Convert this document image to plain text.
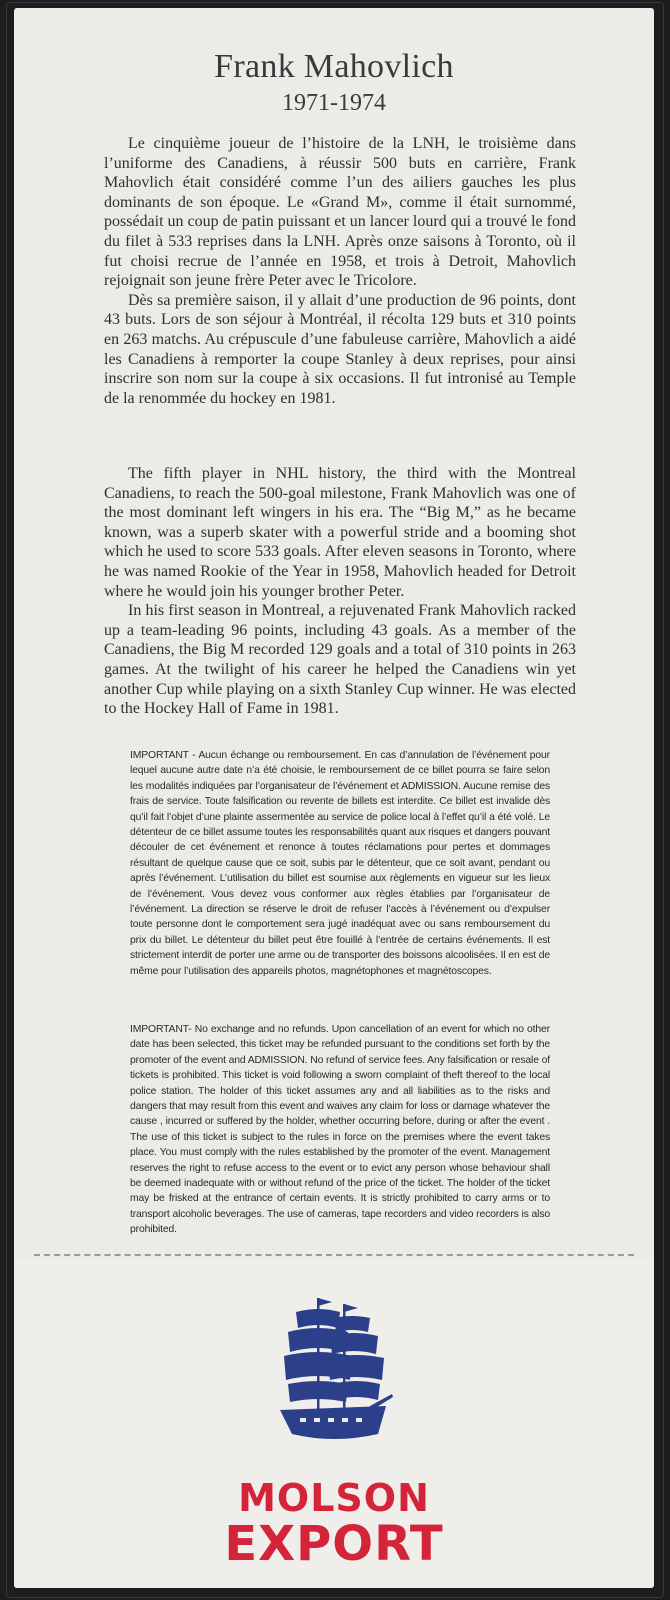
Frank Mahovlich
1971-1974

Le cinquième joueur de l’histoire de la LNH, le troisième dans l’uniforme des Canadiens, à réussir 500 buts en carrière, Frank Mahovlich était considéré comme l’un des ailiers gauches les plus dominants de son époque. Le «Grand M», comme il était surnommé, possédait un coup de patin puissant et un lancer lourd qui a trouvé le fond du filet à 533 reprises dans la LNH. Après onze saisons à Toronto, où il fut choisi recrue de l’année en 1958, et trois à Detroit, Mahovlich rejoignait son jeune frère Peter avec le Tricolore.

Dès sa première saison, il y allait d’une production de 96 points, dont 43 buts. Lors de son séjour à Montréal, il récolta 129 buts et 310 points en 263 matchs. Au crépuscule d’une fabuleuse carrière, Mahovlich a aidé les Canadiens à remporter la coupe Stanley à deux reprises, pour ainsi inscrire son nom sur la coupe à six occasions. Il fut intronisé au Temple de la renommée du hockey en 1981.

The fifth player in NHL history, the third with the Montreal Canadiens, to reach the 500-goal milestone, Frank Mahovlich was one of the most dominant left wingers in his era. The “Big M,” as he became known, was a superb skater with a powerful stride and a booming shot which he used to score 533 goals. After eleven seasons in Toronto, where he was named Rookie of the Year in 1958, Mahovlich headed for Detroit where he would join his younger brother Peter.

In his first season in Montreal, a rejuvenated Frank Mahovlich racked up a team-leading 96 points, including 43 goals. As a member of the Canadiens, the Big M recorded 129 goals and a total of 310 points in 263 games. At the twilight of his career he helped the Canadiens win yet another Cup while playing on a sixth Stanley Cup winner. He was elected to the Hockey Hall of Fame in 1981.

IMPORTANT - Aucun échange ou remboursement. En cas d’annulation de l’événement pour lequel aucune autre date n’a été choisie, le remboursement de ce billet pourra se faire selon les modalités indiquées par l’organisateur de l’événement et ADMISSION. Aucune remise des frais de service. Toute falsification ou revente de billets est interdite. Ce billet est invalide dès qu’il fait l’objet d’une plainte assermentée au service de police local à l’effet qu’il a été volé. Le détenteur de ce billet assume toutes les responsabilités quant aux risques et dangers pouvant découler de cet événement et renonce à toutes réclamations pour pertes et dommages résultant de quelque cause que ce soit, subis par le détenteur, que ce soit avant, pendant ou après l’événement. L’utilisation du billet est soumise aux règlements en vigueur sur les lieux de l’événement. Vous devez vous conformer aux règles établies par l’organisateur de l’événement. La direction se réserve le droit de refuser l’accès à l’événement ou d’expulser toute personne dont le comportement sera jugé inadéquat avec ou sans remboursement du prix du billet. Le détenteur du billet peut être fouillé à l’entrée de certains événements. Il est strictement interdit de porter une arme ou de transporter des boissons alcoolisées. Il en est de même pour l’utilisation des appareils photos, magnétophones et magnétoscopes.
IMPORTANT- No exchange and no refunds. Upon cancellation of an event for which no other date has been selected, this ticket may be refunded pursuant to the conditions set forth by the promoter of the event and ADMISSION. No refund of service fees. Any falsification or resale of tickets is prohibited. This ticket is void following a sworn complaint of theft thereof to the local police station. The holder of this ticket assumes any and all liabilities as to the risks and dangers that may result from this event and waives any claim for loss or damage whatever the cause , incurred or suffered by the holder, whether occurring before, during or after the event . The use of this ticket is subject to the rules in force on the premises where the event takes place. You must comply with the rules established by the promoter of the event. Management reserves the right to refuse access to the event or to evict any person whose behaviour shall be deemed inadequate with or without refund of the price of the ticket. The holder of the ticket may be frisked at the entrance of certain events. It is strictly prohibited to carry arms or to transport alcoholic beverages. The use of cameras, tape recorders and video recorders is also prohibited.
MOLSON
EXPORT
